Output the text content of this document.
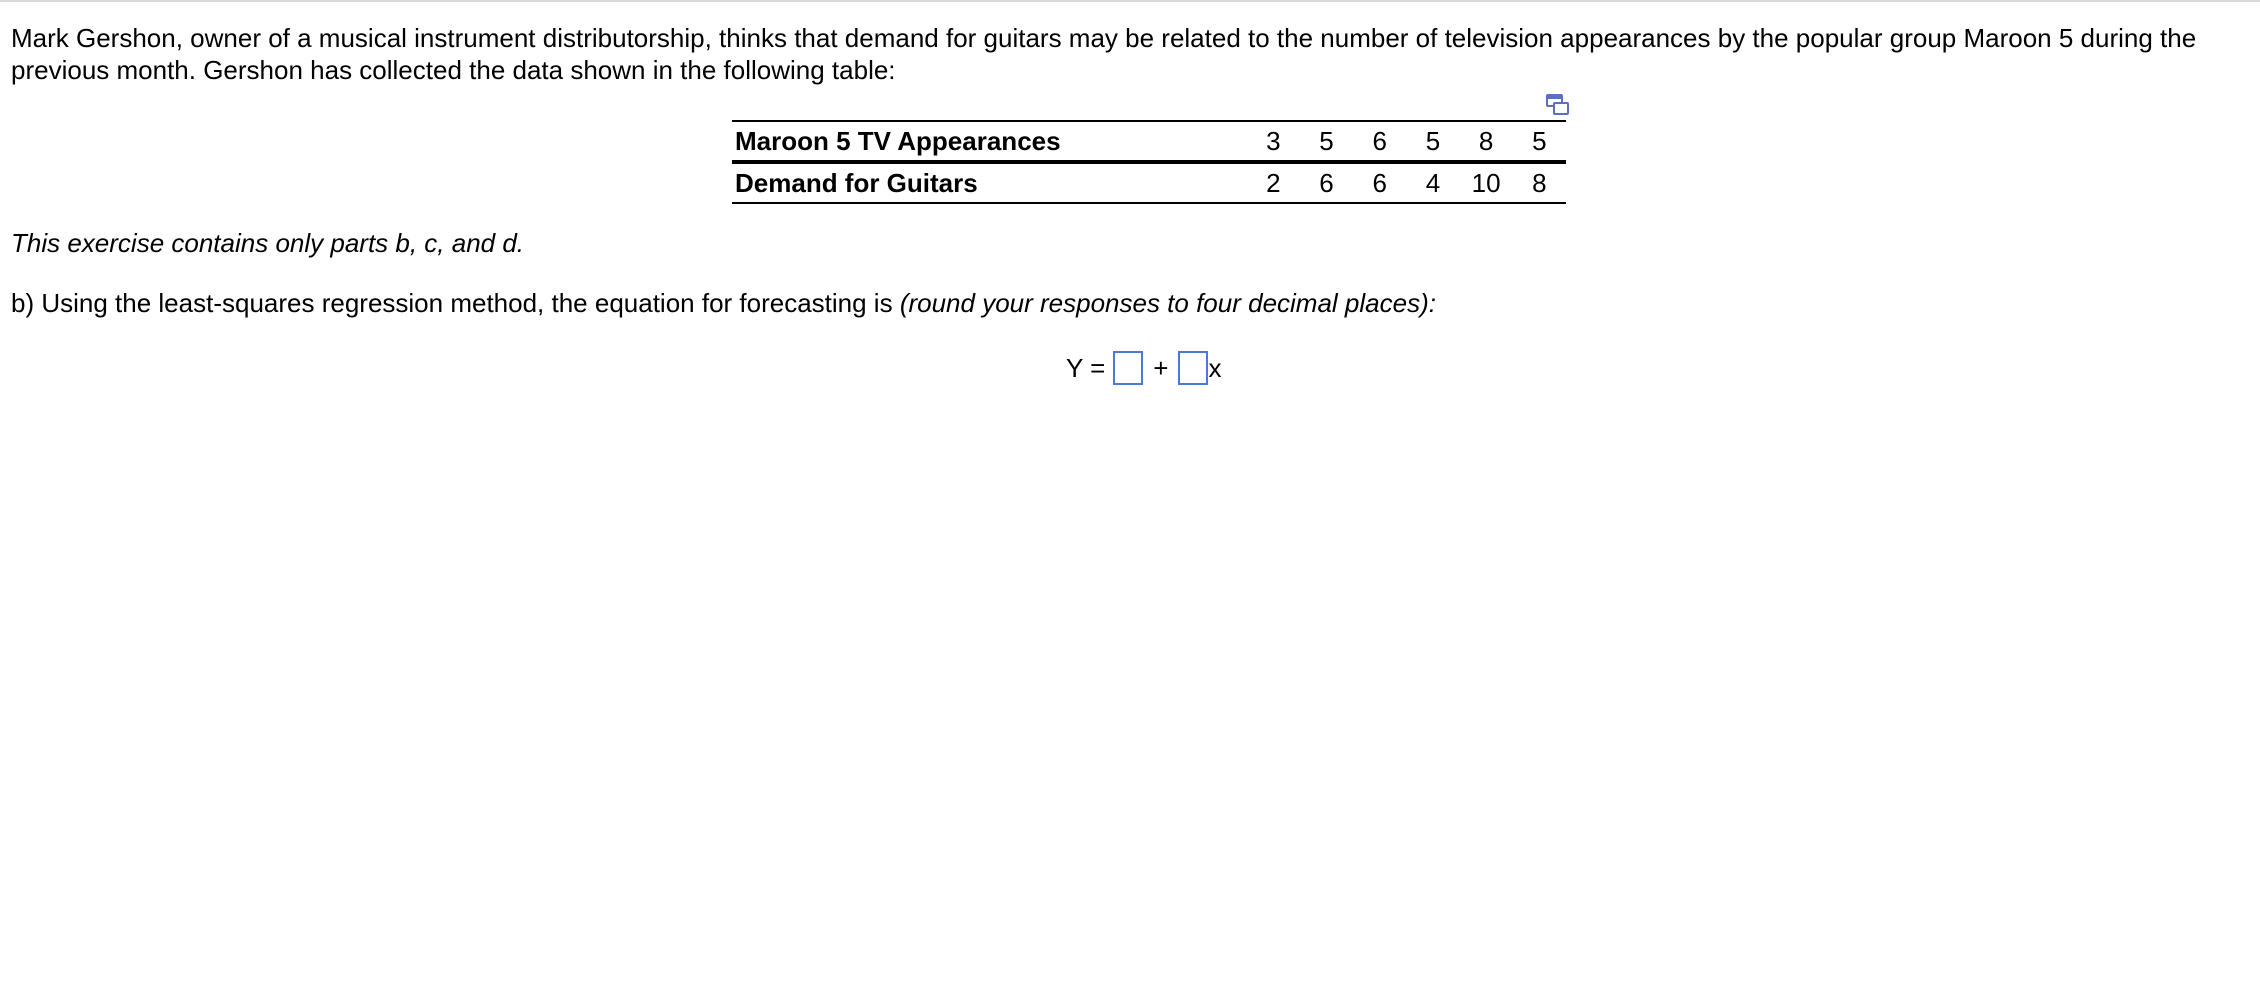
Mark Gershon, owner of a musical instrument distributorship, thinks that demand for guitars may be related to the number of television appearances by the popular group Maroon 5 during the previous month. Gershon has collected the data shown in the following table:
Maroon 5 TV Appearances	3	5	6	5	8	5
Demand for Guitars	2	6	6	4	10	8
This exercise contains only parts b, c, and d.
b) Using the least-squares regression method, the equation for forecasting is (round your responses to four decimal places):
Y = + x
